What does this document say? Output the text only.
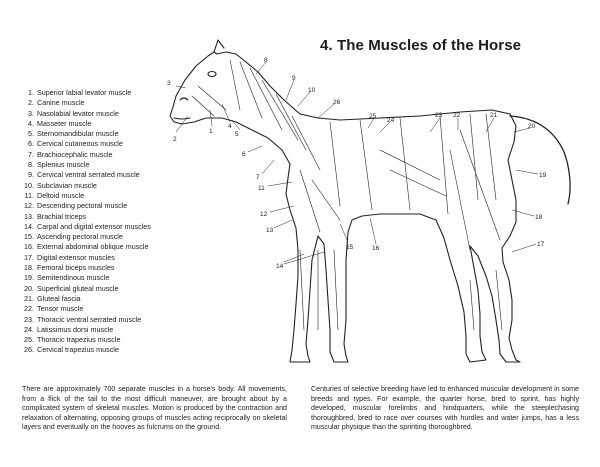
4. The Muscles of the Horse
1. Superior labial levator muscle
2. Canine muscle
3. Nasolabial levator muscle
4. Masseter muscle
5. Sternomandibular muscle
6. Cervical cutaneous muscle
7. Brachiocephalic muscle
8. Splenius muscle
9. Cervical ventral serrated muscle
10. Subclavian muscle
11. Deltoid muscle
12. Descending pectoral muscle
13. Brachial triceps
14. Carpal and digital extensor muscles
15. Ascending pectoral muscle
16. External abdominal oblique muscle
17. Digital extensor muscles
18. Femoral biceps muscles
19. Semitendinous muscle
20. Superficial gluteal muscle
21. Gluteal fascia
22. Tensor muscle
23. Thoracic ventral serrated muscle
24. Latissimus dorsi muscle
25. Thoracic trapezius muscle
26. Cervical trapezius muscle
1
2
3
4
5
6
7
8
9
10
11
12
13
14
15	16
17
18
19
20
21
22
23
24
25
26
There are approximately 700 separate muscles in a horse's body. All movements, from a flick of the tail to the most difficult maneuver, are brought about by a complicated system of skeletal muscles. Motion is produced by the contraction and relaxation of alternating, opposing groups of muscles acting reciprocally on skeletal layers and eventually on the hooves as fulcrums on the ground.
Centuries of selective breeding have led to enhanced muscular development in some breeds and types. For example, the quarter horse, bred to sprint, has highly developed, muscular forelimbs and hindquarters, while the steeplechasing thoroughbred, bred to race over courses with hurdles and water jumps, has a less muscular physique than the sprinting thoroughbred.
